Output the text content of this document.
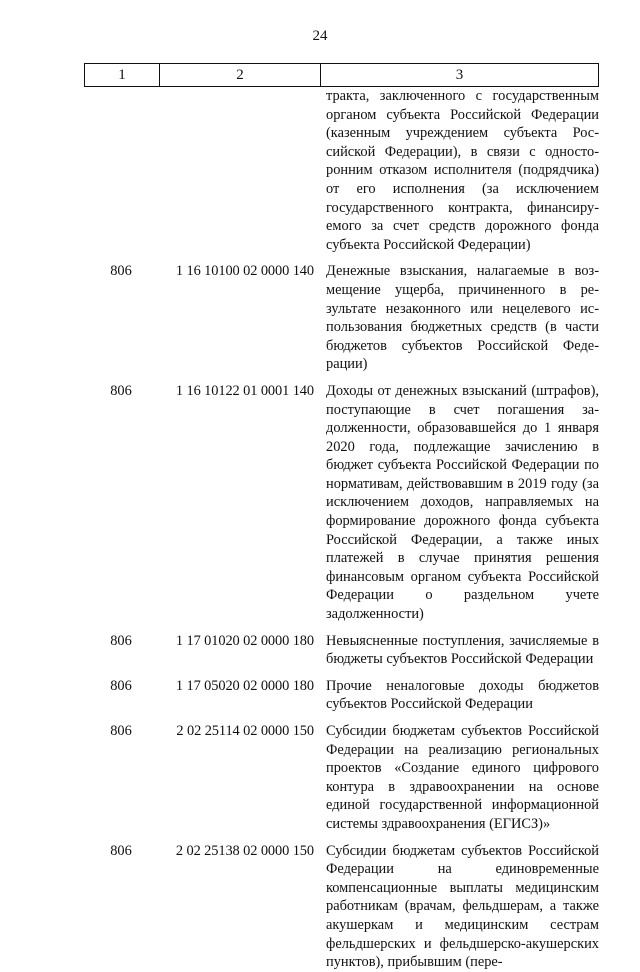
24
1	2	3
тракта, заключенного с государственным органом субъекта Российской Федерации (казенным учреждением субъекта Российской Федерации), в связи с односторонним отказом исполнителя (подрядчика) от его исполнения (за исключением государственного контракта, финансируемого за счет средств дорожного фонда субъекта Российской Федерации)
806	1 16 10100 02 0000 140 Денежные взыскания, налагаемые в возмещение ущерба, причиненного в результате незаконного или нецелевого использования бюджетных средств (в части бюджетов субъектов Российской Федерации)
806	1 16 10122 01 0001 140 Доходы от денежных взысканий (штрафов), поступающие в счет погашения задолженности, образовавшейся до 1 января 2020 года, подлежащие зачислению в бюджет субъекта Российской Федерации по нормативам, действовавшим в 2019 году (за исключением доходов, направляемых на формирование дорожного фонда субъекта Российской Федерации, а также иных платежей в случае принятия решения финансовым органом субъекта Российской Федерации о раздельном учете задолженности)
806	1 17 01020 02 0000 180 Невыясненные поступления, зачисляемые в бюджеты субъектов Российской Федерации
806	1 17 05020 02 0000 180 Прочие неналоговые доходы бюджетов субъектов Российской Федерации
806	2 02 25114 02 0000 150 Субсидии бюджетам субъектов Российской Федерации на реализацию региональных проектов «Создание единого цифрового контура в здравоохранении на основе единой государственной информационной системы здравоохранения (ЕГИСЗ)»
806	2 02 25138 02 0000 150 Субсидии бюджетам субъектов Российской Федерации на единовременные компенсационные выплаты медицинским работникам (врачам, фельдшерам, а также акушеркам и медицинским сестрам фельдшерских и фельдшерско-акушерских пунктов), прибывшим (пере-
